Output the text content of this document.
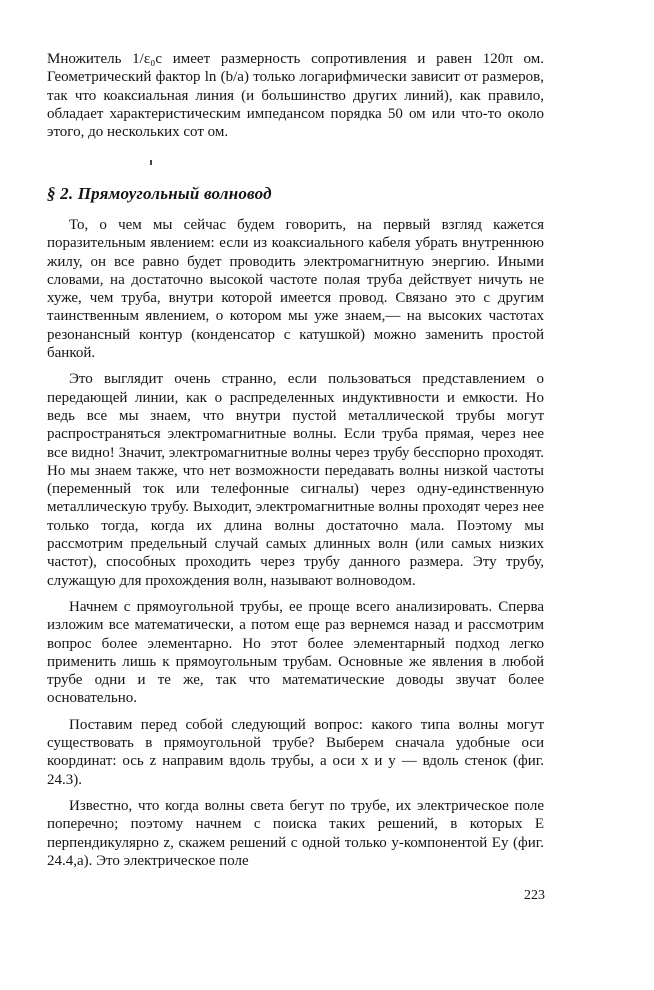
Множитель 1/ε₀c имеет размерность сопротивления и равен 120π ом. Геометрический фактор ln (b/a) только логарифмически зависит от размеров, так что коаксиальная линия (и большинство других линий), как правило, обладает характеристическим импедансом порядка 50 ом или что-то около этого, до нескольких сот ом.

§ 2. Прямоугольный волновод

То, о чем мы сейчас будем говорить, на первый взгляд кажется поразительным явлением: если из коаксиального кабеля убрать внутреннюю жилу, он все равно будет проводить электромагнитную энергию. Иными словами, на достаточно высокой частоте полая труба действует ничуть не хуже, чем труба, внутри которой имеется провод. Связано это с другим таинственным явлением, о котором мы уже знаем,— на высоких частотах резонансный контур (конденсатор с катушкой) можно заменить простой банкой.

Это выглядит очень странно, если пользоваться представлением о передающей линии, как о распределенных индуктивности и емкости. Но ведь все мы знаем, что внутри пустой металлической трубы могут распространяться электромагнитные волны. Если труба прямая, через нее все видно! Значит, электромагнитные волны через трубу бесспорно проходят. Но мы знаем также, что нет возможности передавать волны низкой частоты (переменный ток или телефонные сигналы) через одну-единственную металлическую трубу. Выходит, электромагнитные волны проходят через нее только тогда, когда их длина волны достаточно мала. Поэтому мы рассмотрим предельный случай самых длинных волн (или самых низких частот), способных проходить через трубу данного размера. Эту трубу, служащую для прохождения волн, называют волноводом.

Начнем с прямоугольной трубы, ее проще всего анализировать. Сперва изложим все математически, а потом еще раз вернемся назад и рассмотрим вопрос более элементарно. Но этот более элементарный подход легко применить лишь к прямоугольным трубам. Основные же явления в любой трубе одни и те же, так что математические доводы звучат более основательно.

Поставим перед собой следующий вопрос: какого типа волны могут существовать в прямоугольной трубе? Выберем сначала удобные оси координат: ось z направим вдоль трубы, а оси x и y — вдоль стенок (фиг. 24.3).

Известно, что когда волны света бегут по трубе, их электрическое поле поперечно; поэтому начнем с поиска таких решений, в которых E перпендикулярно z, скажем решений с одной только y-компонентой Ey (фиг. 24.4,a). Это электрическое поле

223
